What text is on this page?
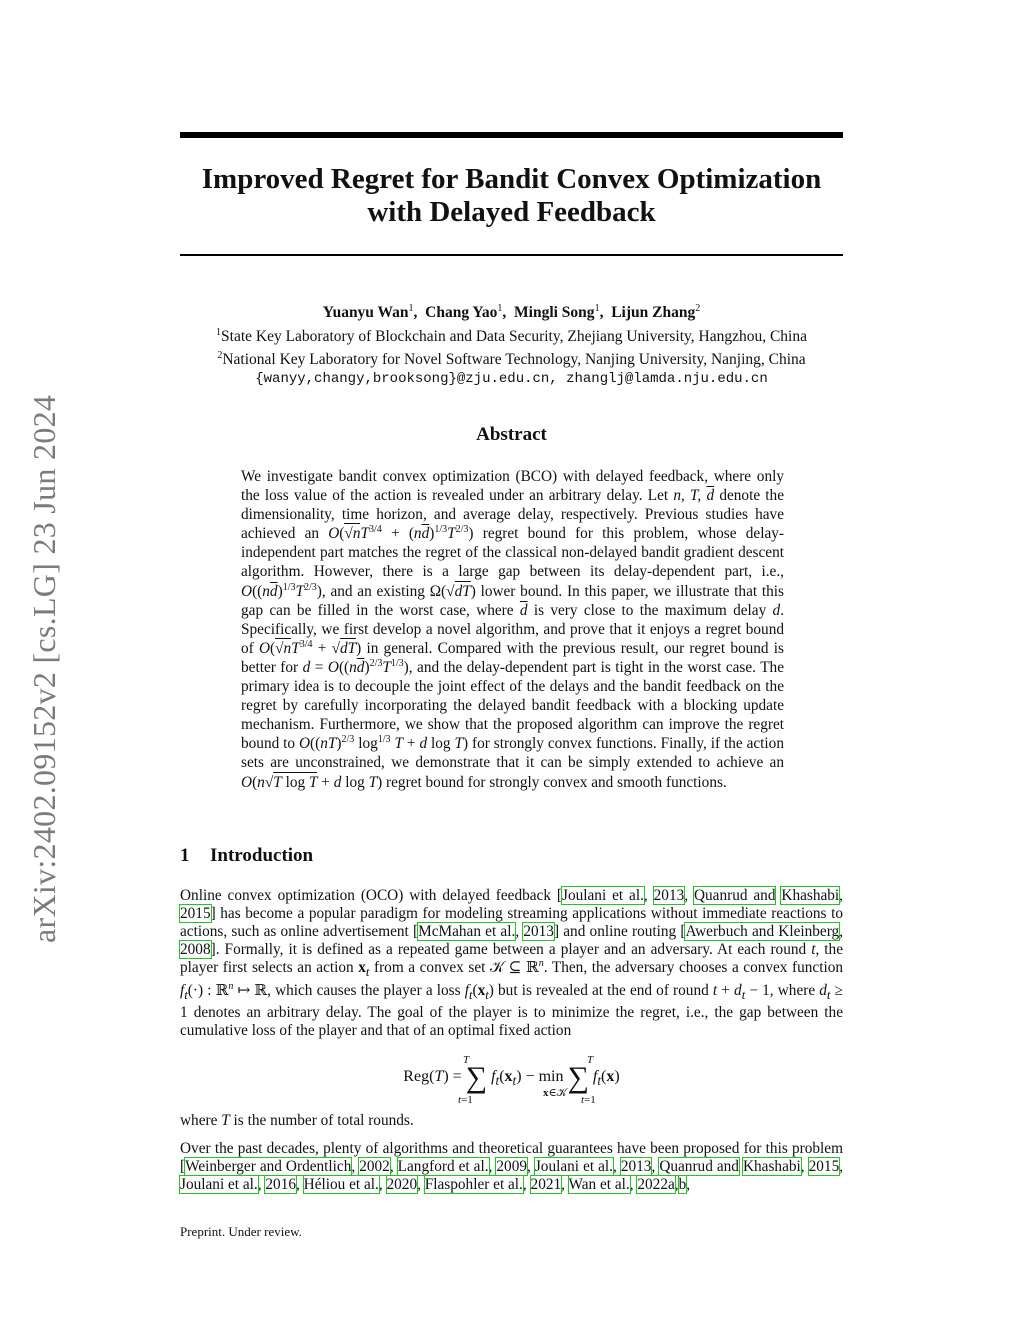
arXiv:2402.09152v2 [cs.LG] 23 Jun 2024
Improved Regret for Bandit Convex Optimization
with Delayed Feedback
Yuanyu Wan$^1$,  Chang Yao$^1$,  Mingli Song$^1$,  Lijun Zhang$^2$
$^1$State Key Laboratory of Blockchain and Data Security, Zhejiang University, Hangzhou, China
$^2$National Key Laboratory for Novel Software Technology, Nanjing University, Nanjing, China
{wanyy,changy,brooksong}@zju.edu.cn, zhanglj@lamda.nju.edu.cn
Abstract

We investigate bandit convex optimization (BCO) with delayed feedback, where only the loss value of the action is revealed under an arbitrary delay. Let n, T, $\overline{d}$ denote the dimensionality, time horizon, and average delay, respectively. Previous studies have achieved an $O(√nT^{3/4} + (n\overline{d})^{1/3}T^{2/3})$ regret bound for this problem, whose delay-independent part matches the regret of the classical non-delayed bandit gradient descent algorithm. However, there is a large gap between its delay-dependent part, i.e., $O((n\overline{d})^{1/3}T^{2/3})$, and an existing Ω(√dT) lower bound. In this paper, we illustrate that this gap can be filled in the worst case, where $\overline{d}$ is very close to the maximum delay d. Specifically, we first develop a novel algorithm, and prove that it enjoys a regret bound of $O(√nT^{3/4} + √dT)$ in general. Compared with the previous result, our regret bound is better for $d = O((n\overline{d})^{2/3}T^{1/3})$, and the delay-dependent part is tight in the worst case. The primary idea is to decouple the joint effect of the delays and the bandit feedback on the regret by carefully incorporating the delayed bandit feedback with a blocking update mechanism. Furthermore, we show that the proposed algorithm can improve the regret bound to O((nT)$^{2/3}$ $\log^{1/3} T + d$ log T) for strongly convex functions. Finally, if the action sets are unconstrained, we demonstrate that it can be simply extended to achieve an O(n√T log T + d log T) regret bound for strongly convex and smooth functions.

1 Introduction

Online convex optimization (OCO) with delayed feedback [Joulani et al., 2013, Quanrud and Khashabi, 2015] has become a popular paradigm for modeling streaming applications without immediate reactions to actions, such as online advertisement [McMahan et al., 2013] and online routing [Awerbuch and Kleinberg, 2008]. Formally, it is defined as a repeated game between a player and an adversary. At each round t, the player first selects an action $x_t$ from a convex set 𝒦 ⊆ ℝ$^n$. Then, the adversary chooses a convex function $f_t(\cdot)$ : ℝ$^n$ ↦ ℝ, which causes the player a loss $f_t(x_t)$ but is revealed at the end of round $t + d_t - 1$, where $d_t \ge 1$ denotes an arbitrary delay. The goal of the player is to minimize the regret, i.e., the gap between the cumulative loss of the player and that of an optimal fixed action

Reg(T) = ∑ $f_t(x_t) - \min$ ∑ $f_t(x)$
T
t=1
x∈𝒦
T
t=1
where T is the number of total rounds.

Over the past decades, plenty of algorithms and theoretical guarantees have been proposed for this problem [Weinberger and Ordentlich, 2002, Langford et al., 2009, Joulani et al., 2013, Quanrud and Khashabi, 2015, Joulani et al., 2016, Héliou et al., 2020, Flaspohler et al., 2021, Wan et al., 2022a,b,

Preprint. Under review.
